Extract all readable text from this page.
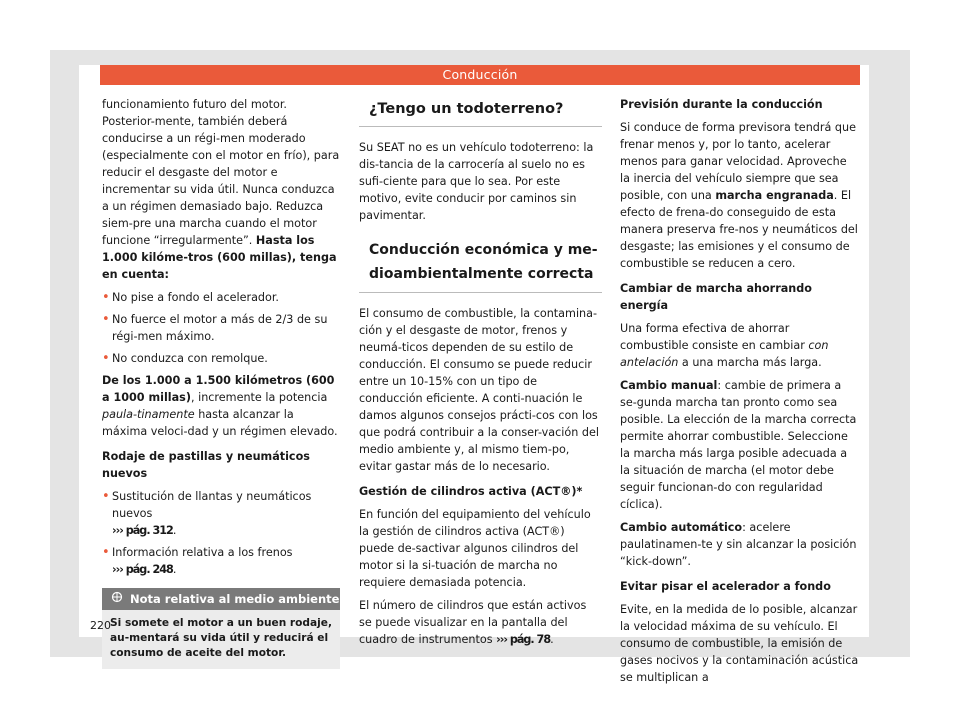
Conducción

funcionamiento futuro del motor. Posterior-mente, también deberá conducirse a un régi-men moderado (especialmente con el motor en frío), para reducir el desgaste del motor e incrementar su vida útil. Nunca conduzca a un régimen demasiado bajo. Reduzca siem-pre una marcha cuando el motor funcione “irregularmente”. Hasta los 1.000 kilóme-tros (600 millas), tenga en cuenta:

• No pise a fondo el acelerador.
• No fuerce el motor a más de 2/3 de su régi-men máximo.
• No conduzca con remolque.

De los 1.000 a 1.500 kilómetros (600 a 1000 millas), incremente la potencia paula-tinamente hasta alcanzar la máxima veloci-dad y un régimen elevado.

Rodaje de pastillas y neumáticos nuevos
• Sustitución de llantas y neumáticos nuevos
››› pág. 312.
• Información relativa a los frenos
››› pág. 248.
Nota relativa al medio ambiente
Si somete el motor a un buen rodaje, au-mentará su vida útil y reducirá el consumo de aceite del motor.
¿Tengo un todoterreno?

Su SEAT no es un vehículo todoterreno: la dis-tancia de la carrocería al suelo no es sufi-ciente para que lo sea. Por este motivo, evite conducir por caminos sin pavimentar.

Conducción económica y me-dioambientalmente correcta

El consumo de combustible, la contamina-ción y el desgaste de motor, frenos y neumá-ticos dependen de su estilo de conducción. El consumo se puede reducir entre un 10-15% con un tipo de conducción eficiente. A conti-nuación le damos algunos consejos prácti-cos con los que podrá contribuir a la conser-vación del medio ambiente y, al mismo tiem-po, evitar gastar más de lo necesario.

Gestión de cilindros activa (ACT®)*

En función del equipamiento del vehículo la gestión de cilindros activa (ACT®) puede de-sactivar algunos cilindros del motor si la si-tuación de marcha no requiere demasiada potencia.

El número de cilindros que están activos se puede visualizar en la pantalla del cuadro de instrumentos ››› pág. 78.

Previsión durante la conducción

Si conduce de forma previsora tendrá que frenar menos y, por lo tanto, acelerar menos para ganar velocidad. Aproveche la inercia del vehículo siempre que sea posible, con una marcha engranada. El efecto de frena-do conseguido de esta manera preserva fre-nos y neumáticos del desgaste; las emisiones y el consumo de combustible se reducen a cero.

Cambiar de marcha ahorrando energía

Una forma efectiva de ahorrar combustible consiste en cambiar con antelación a una marcha más larga.

Cambio manual: cambie de primera a se-gunda marcha tan pronto como sea posible. La elección de la marcha correcta permite ahorrar combustible. Seleccione la marcha más larga posible adecuada a la situación de marcha (el motor debe seguir funcionan-do con regularidad cíclica).

Cambio automático: acelere paulatinamen-te y sin alcanzar la posición “kick-down”.

Evitar pisar el acelerador a fondo

Evite, en la medida de lo posible, alcanzar la velocidad máxima de su vehículo. El consumo de combustible, la emisión de gases nocivos y la contaminación acústica se multiplican a

220
